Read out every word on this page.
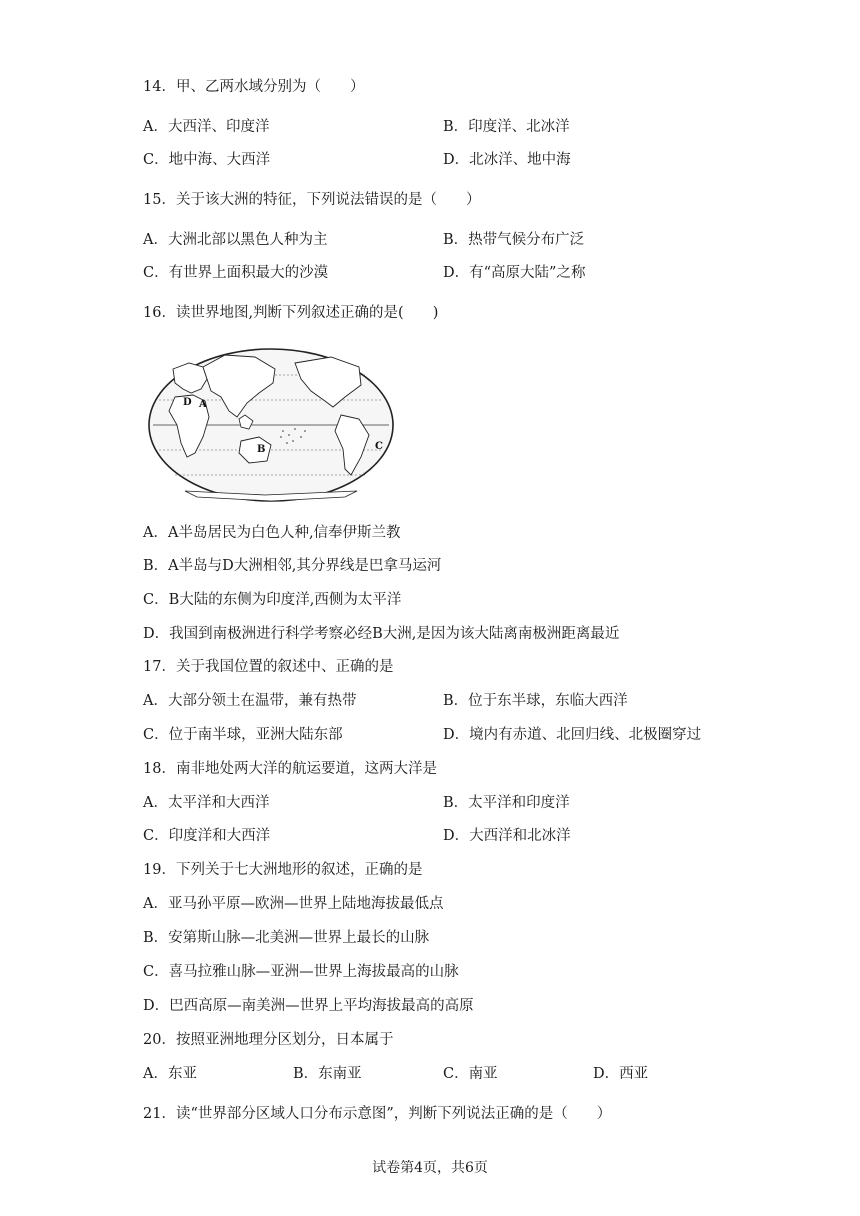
14．甲、乙两水域分别为（　　）
A．大西洋、印度洋	B．印度洋、北冰洋
C．地中海、大西洋	D．北冰洋、地中海
15．关于该大洲的特征，下列说法错误的是（　　）
A．大洲北部以黑色人种为主	B．热带气候分布广泛
C．有世界上面积最大的沙漠	D．有“高原大陆”之称
16．读世界地图,判断下列叙述正确的是(　　)
D A
B	C
A．A半岛居民为白色人种,信奉伊斯兰教
B．A半岛与D大洲相邻,其分界线是巴拿马运河
C．B大陆的东侧为印度洋,西侧为太平洋
D．我国到南极洲进行科学考察必经B大洲,是因为该大陆离南极洲距离最近
17．关于我国位置的叙述中、正确的是
A．大部分领土在温带，兼有热带	B．位于东半球，东临大西洋
C．位于南半球，亚洲大陆东部	D．境内有赤道、北回归线、北极圈穿过
18．南非地处两大洋的航运要道，这两大洋是
A．太平洋和大西洋	B．太平洋和印度洋
C．印度洋和大西洋	D．大西洋和北冰洋
19．下列关于七大洲地形的叙述，正确的是
A．亚马孙平原—欧洲—世界上陆地海拔最低点
B．安第斯山脉—北美洲—世界上最长的山脉
C．喜马拉雅山脉—亚洲—世界上海拔最高的山脉
D．巴西高原—南美洲—世界上平均海拔最高的高原
20．按照亚洲地理分区划分，日本属于
A．东亚	B．东南亚	C．南亚	D．西亚
21．读“世界部分区域人口分布示意图”，判断下列说法正确的是（　　）
试卷第4页，共6页
